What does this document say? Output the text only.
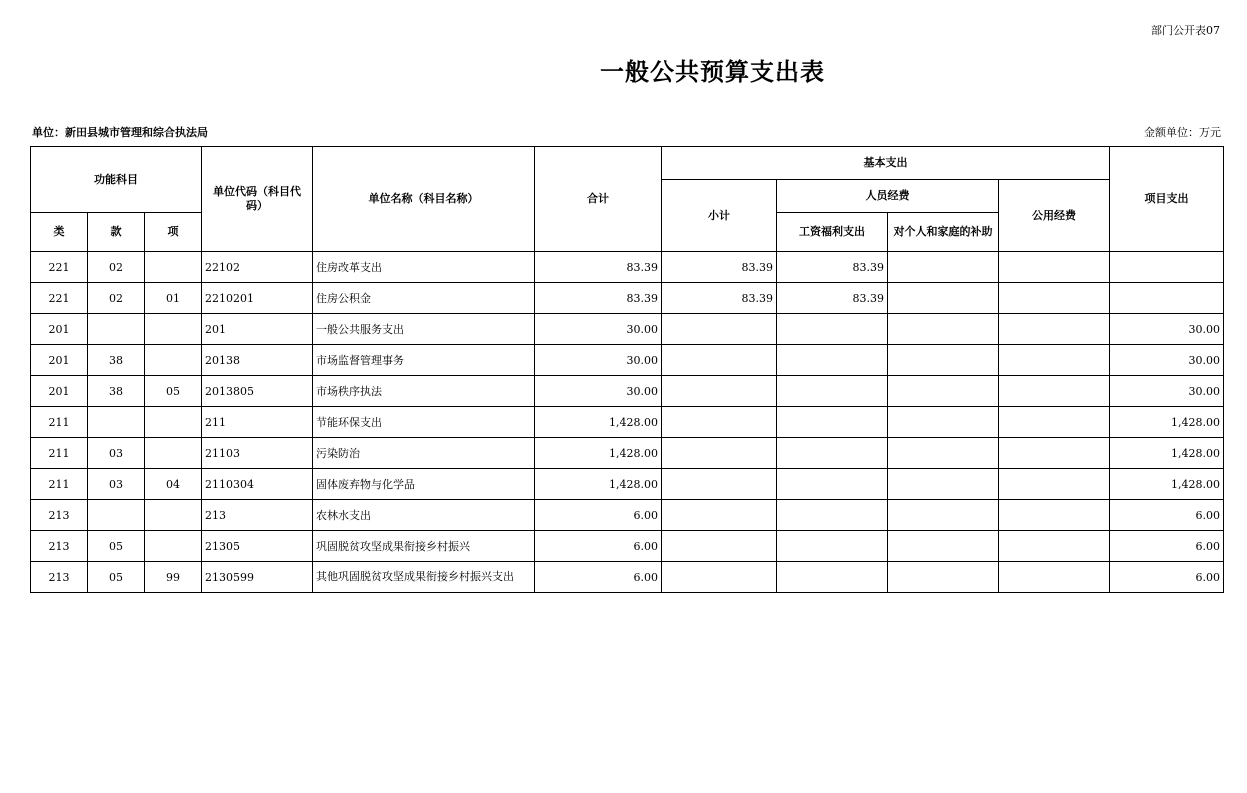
部门公开表07
一般公共预算支出表
单位：新田县城市管理和综合执法局	金额单位：万元
功能科目			单位代码（科目代码）	单位名称（科目名称）	合计	基本支出				项目支出
						小计	人员经费		公用经费	
类	款	项					工资福利支出	对个人和家庭的补助		
221	02		22102	住房改革支出	83.39	83.39	83.39			
221	02	01	2210201	住房公积金	83.39	83.39	83.39			
201			201	一般公共服务支出	30.00					30.00
201	38		20138	市场监督管理事务	30.00					30.00
201	38	05	2013805	市场秩序执法	30.00					30.00
211			211	节能环保支出	1,428.00					1,428.00
211	03		21103	污染防治	1,428.00					1,428.00
211	03	04	2110304	固体废弃物与化学品	1,428.00					1,428.00
213			213	农林水支出	6.00					6.00
213	05		21305	巩固脱贫攻坚成果衔接乡村振兴	6.00					6.00
213	05	99	2130599	其他巩固脱贫攻坚成果衔接乡村振兴支出	6.00					6.00
